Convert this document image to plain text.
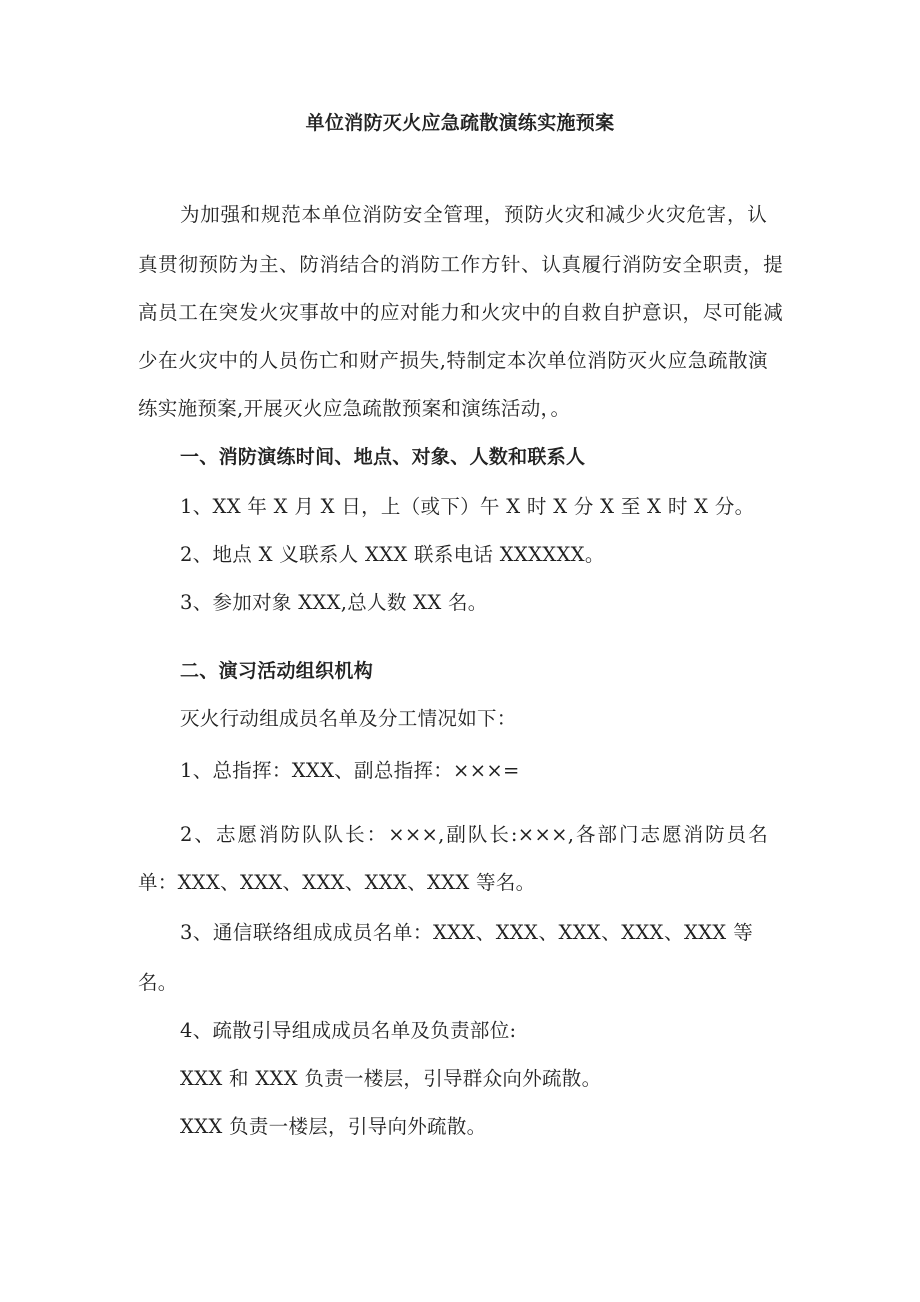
单位消防灭火应急疏散演练实施预案
为加强和规范本单位消防安全管理，预防火灾和减少火灾危害，认
真贯彻预防为主、防消结合的消防工作方针、认真履行消防安全职责，提
高员工在突发火灾事故中的应对能力和火灾中的自救自护意识，尽可能减
少在火灾中的人员伤亡和财产损失,特制定本次单位消防灭火应急疏散演
练实施预案,开展灭火应急疏散预案和演练活动，。
一、消防演练时间、地点、对象、人数和联系人
1、XX 年 X 月 X 日，上（或下）午 X 时 X 分 X 至 X 时 X 分。
2、地点 X 义联系人 XXX 联系电话 XXXXXX。
3、参加对象 XXX,总人数 XX 名。
二、演习活动组织机构
灭火行动组成员名单及分工情况如下：
1、总指挥：XXX、副总指挥：×××=
2、志愿消防队队长：×××,副队长:×××,各部门志愿消防员名
单：XXX、XXX、XXX、XXX、XXX 等名。
3、通信联络组成成员名单：XXX、XXX、XXX、XXX、XXX 等
名。
4、疏散引导组成成员名单及负责部位:
XXX 和 XXX 负责一楼层，引导群众向外疏散。
XXX 负责一楼层，引导向外疏散。
